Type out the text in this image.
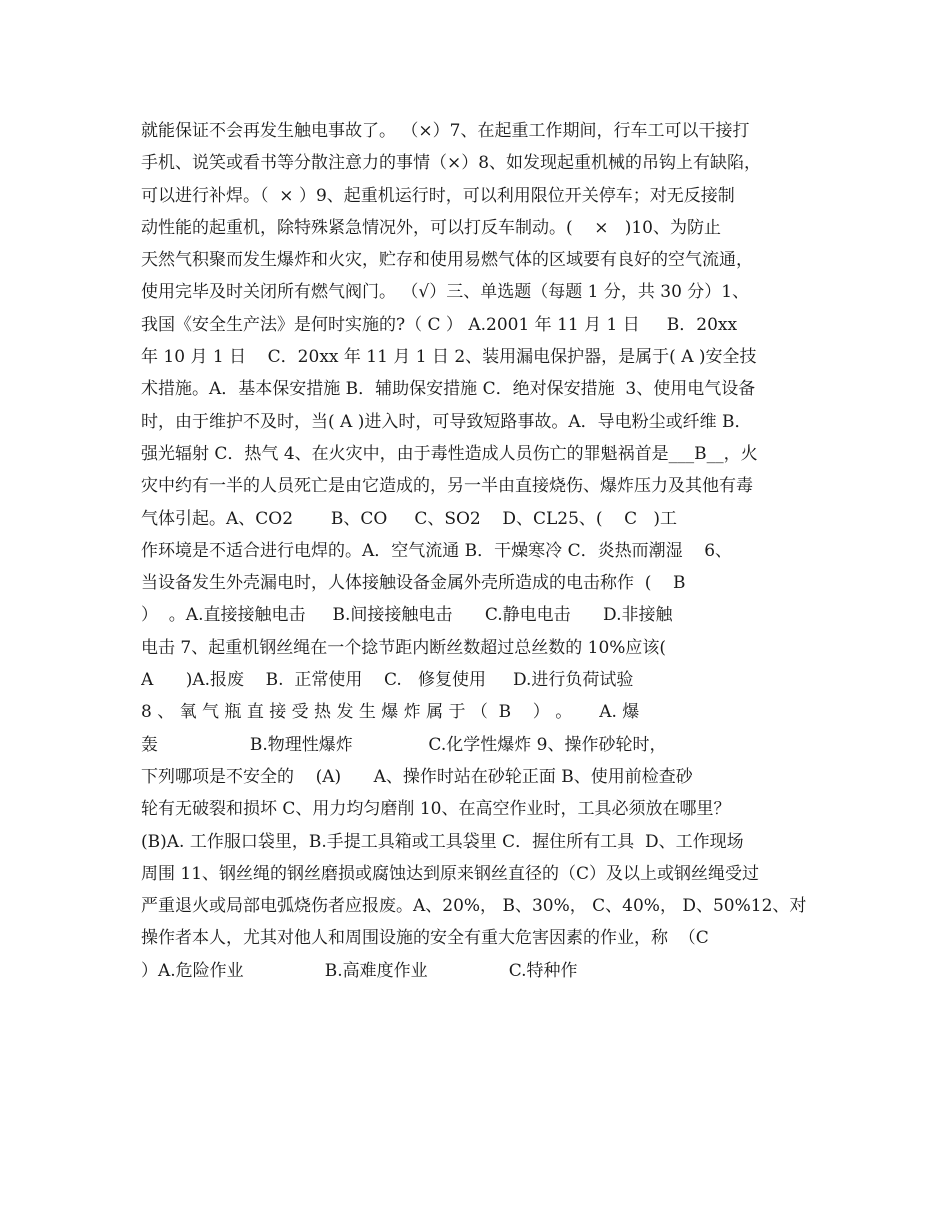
就能保证不会再发生触电事故了。 （×）7、在起重工作期间，行车工可以干接打
手机、说笑或看书等分散注意力的事情（×）8、如发现起重机械的吊钩上有缺陷，
可以进行补焊。（  × ）9、起重机运行时，可以利用限位开关停车；对无反接制
动性能的起重机，除特殊紧急情况外，可以打反车制动。(    ×   )10、为防止
天然气积聚而发生爆炸和火灾，贮存和使用易燃气体的区域要有良好的空气流通，
使用完毕及时关闭所有燃气阀门。 （√）三、单选题（每题 1 分，共 30 分）1、
我国《安全生产法》是何时实施的?（ C ） A.2001 年 11 月 1 日     B．20xx
年 10 月 1 日    C．20xx 年 11 月 1 日 2、装用漏电保护器，是属于( A )安全技
术措施。A．基本保安措施 B．辅助保安措施 C．绝对保安措施  3、使用电气设备
时，由于维护不及时，当( A )进入时，可导致短路事故。A．导电粉尘或纤维 B．
强光辐射 C．热气 4、在火灾中，由于毒性造成人员伤亡的罪魁祸首是___B__，火
灾中约有一半的人员死亡是由它造成的，另一半由直接烧伤、爆炸压力及其他有毒
气体引起。A、CO2       B、CO     C、SO2    D、CL25、(    C   )工
作环境是不适合进行电焊的。A．空气流通 B．干燥寒冷 C．炎热而潮湿    6、
当设备发生外壳漏电时，人体接触设备金属外壳所造成的电击称作  (    B
）  。A.直接接触电击     B.间接接触电击      C.静电电击      D.非接触
电击 7、起重机钢丝绳在一个捻节距内断丝数超过总丝数的 10%应该(
A      )A.报废    B.  正常使用    C.   修复使用     D.进行负荷试验
8 、 氧 气 瓶 直 接 受 热 发 生 爆 炸 属 于 （  B    ） 。     A. 爆
轰                 B.物理性爆炸              C.化学性爆炸 9、操作砂轮时，
下列哪项是不安全的    (A)      A、操作时站在砂轮正面 B、使用前检查砂
轮有无破裂和损坏 C、用力均匀磨削 10、在高空作业时，工具必须放在哪里？
(B)A. 工作服口袋里，B.手提工具箱或工具袋里 C．握住所有工具  D、工作现场
周围 11、钢丝绳的钢丝磨损或腐蚀达到原来钢丝直径的（C）及以上或钢丝绳受过
严重退火或局部电弧烧伤者应报废。A、20%， B、30%， C、40%， D、50%12、对
操作者本人，尤其对他人和周围设施的安全有重大危害因素的作业，称  （C
）A.危险作业               B.高难度作业               C.特种作
